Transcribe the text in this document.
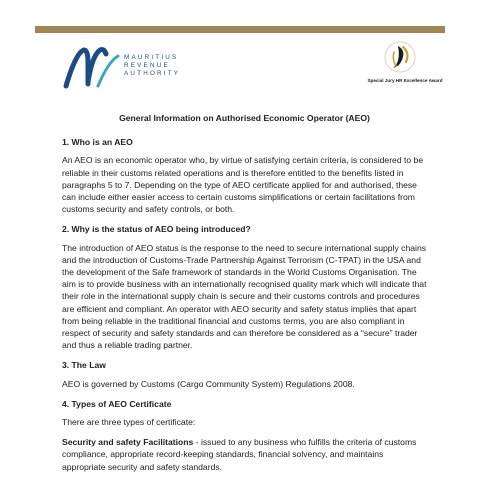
MAURITIUS
REVENUE
AUTHORITY
Special Jury HR Excellence Award
General Information on Authorised Economic Operator (AEO)
1. Who is an AEO
An AEO is an economic operator who, by virtue of satisfying certain criteria, is considered to be reliable in their customs related operations and is therefore entitled to the benefits listed in paragraphs 5 to 7. Depending on the type of AEO certificate applied for and authorised, these can include either easier access to certain customs simplifications or certain facilitations from customs security and safety controls, or both.
2. Why is the status of AEO being introduced?
The introduction of AEO status is the response to the need to secure international supply chains and the introduction of Customs-Trade Partnership Against Terrorism (C-TPAT) in the USA and the development of the Safe framework of standards in the World Customs Organisation. The aim is to provide business with an internationally recognised quality mark which will indicate that their role in the international supply chain is secure and their customs controls and procedures are efficient and compliant. An operator with AEO security and safety status implies that apart from being reliable in the traditional financial and customs terms, you are also compliant in respect of security and safety standards and can therefore be considered as a “secure” trader and thus a reliable trading partner.
3. The Law
AEO is governed by Customs (Cargo Community System) Regulations 2008.
4. Types of AEO Certificate
There are three types of certificate:
Security and safety Facilitations - issued to any business who fulfills the criteria of customs compliance, appropriate record-keeping standards, financial solvency, and maintains appropriate security and safety standards.
